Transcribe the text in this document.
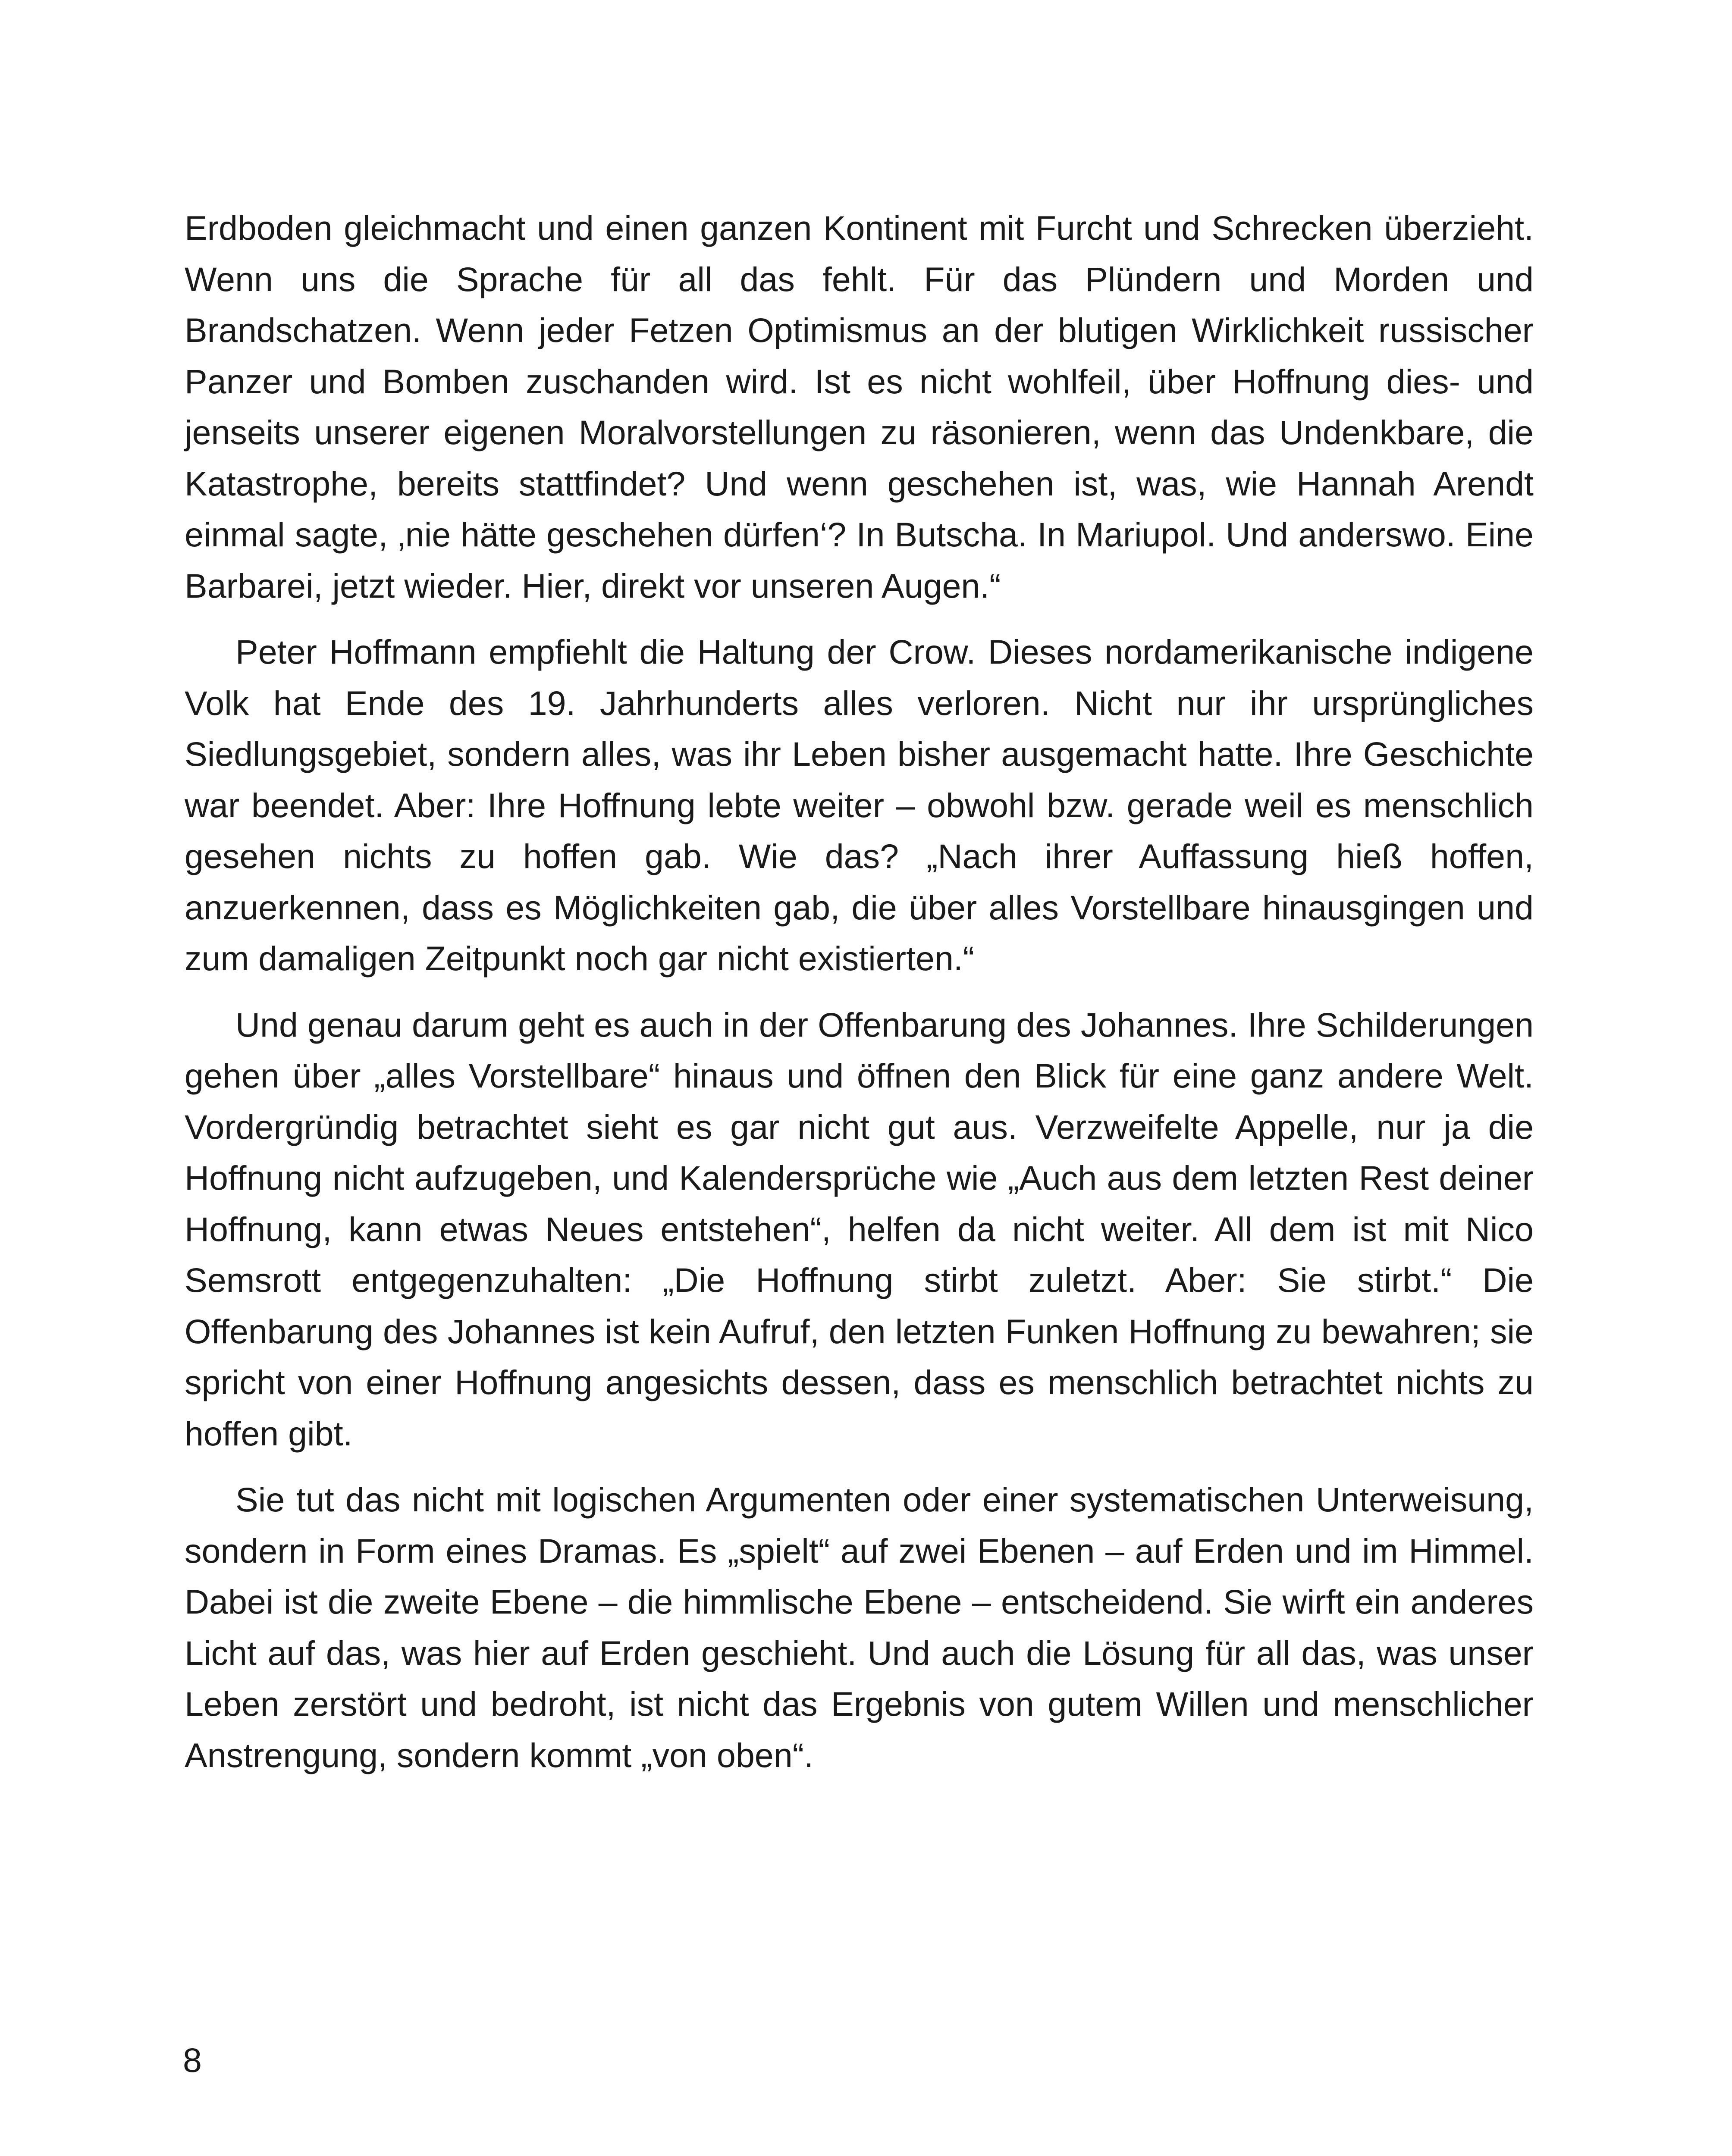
Erdboden gleichmacht und einen ganzen Kontinent mit Furcht und Schrecken überzieht. Wenn uns die Sprache für all das fehlt. Für das Plündern und Morden und Brandschatzen. Wenn jeder Fetzen Optimismus an der blutigen Wirklichkeit russischer Panzer und Bomben zuschanden wird. Ist es nicht wohlfeil, über Hoffnung dies- und jenseits unserer eigenen Moralvorstellungen zu räsonieren, wenn das Undenkbare, die Katastrophe, bereits stattfindet? Und wenn geschehen ist, was, wie Hannah Arendt einmal sagte, ‚nie hätte geschehen dürfen‘? In Butscha. In Mariupol. Und anderswo. Eine Barbarei, jetzt wieder. Hier, direkt vor unseren Augen.“

Peter Hoffmann empfiehlt die Haltung der Crow. Dieses nordamerikanische indigene Volk hat Ende des 19. Jahrhunderts alles verloren. Nicht nur ihr ursprüngliches Siedlungsgebiet, sondern alles, was ihr Leben bisher ausgemacht hatte. Ihre Geschichte war beendet. Aber: Ihre Hoffnung lebte weiter – obwohl bzw. gerade weil es menschlich gesehen nichts zu hoffen gab. Wie das? „Nach ihrer Auffassung hieß hoffen, anzuerkennen, dass es Möglichkeiten gab, die über alles Vorstellbare hinausgingen und zum damaligen Zeitpunkt noch gar nicht existierten.“

Und genau darum geht es auch in der Offenbarung des Johannes. Ihre Schilderungen gehen über „alles Vorstellbare“ hinaus und öffnen den Blick für eine ganz andere Welt. Vordergründig betrachtet sieht es gar nicht gut aus. Verzweifelte Appelle, nur ja die Hoffnung nicht aufzugeben, und Kalendersprüche wie „Auch aus dem letzten Rest deiner Hoffnung, kann etwas Neues entstehen“, helfen da nicht weiter. All dem ist mit Nico Semsrott entgegenzuhalten: „Die Hoffnung stirbt zuletzt. Aber: Sie stirbt.“ Die Offenbarung des Johannes ist kein Aufruf, den letzten Funken Hoffnung zu bewahren; sie spricht von einer Hoffnung angesichts dessen, dass es menschlich betrachtet nichts zu hoffen gibt.

Sie tut das nicht mit logischen Argumenten oder einer systematischen Unterweisung, sondern in Form eines Dramas. Es „spielt“ auf zwei Ebenen – auf Erden und im Himmel. Dabei ist die zweite Ebene – die himmlische Ebene – entscheidend. Sie wirft ein anderes Licht auf das, was hier auf Erden geschieht. Und auch die Lösung für all das, was unser Leben zerstört und bedroht, ist nicht das Ergebnis von gutem Willen und menschlicher Anstrengung, sondern kommt „von oben“.

8
